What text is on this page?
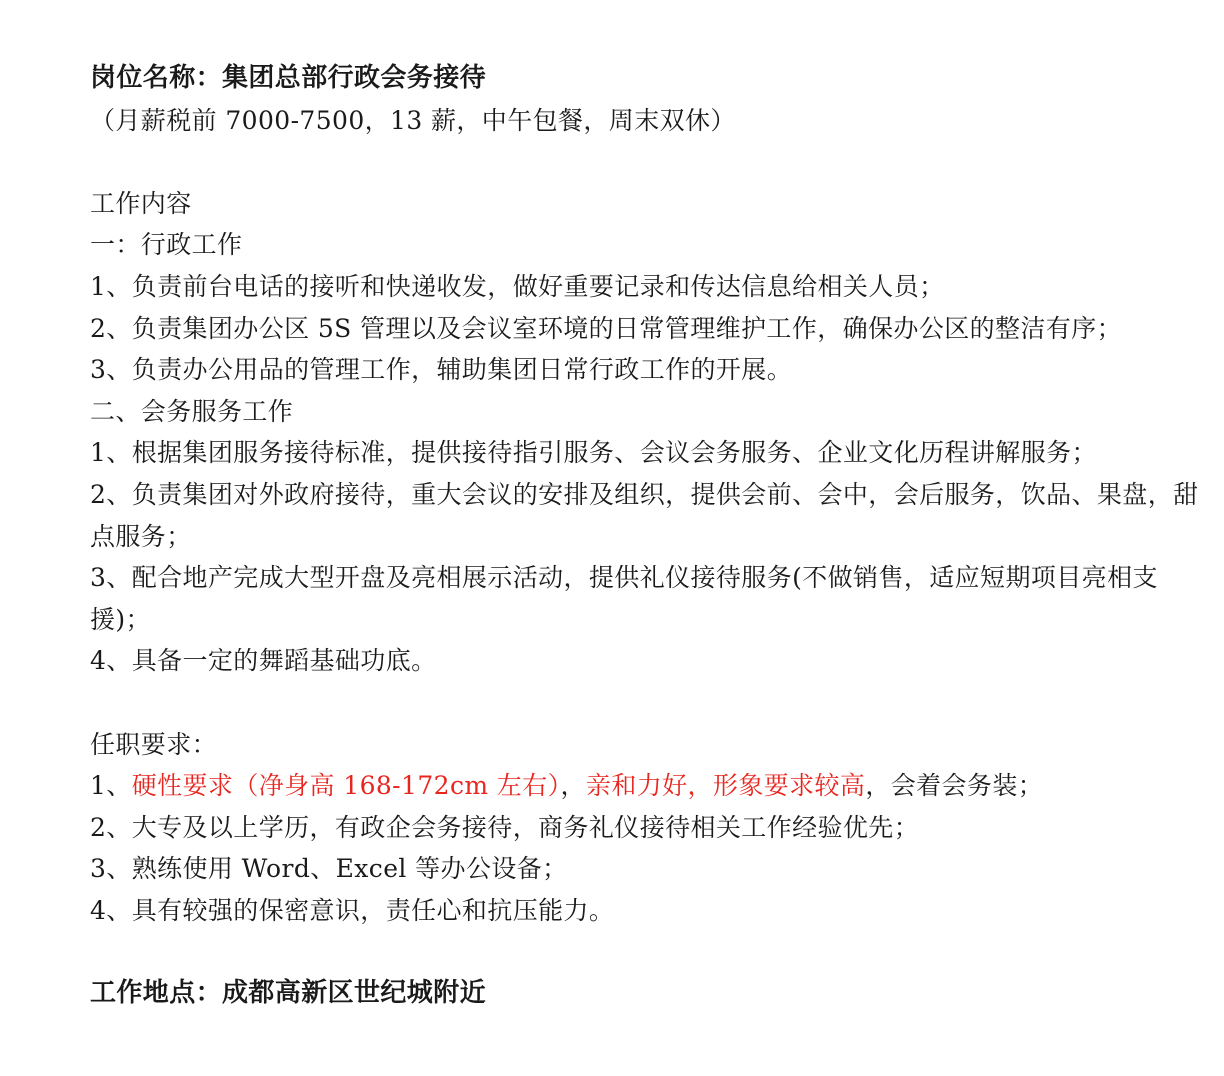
岗位名称：集团总部行政会务接待

（月薪税前 7000-7500，13 薪，中午包餐，周末双休）

工作内容

一：行政工作

1、负责前台电话的接听和快递收发，做好重要记录和传达信息给相关人员；

2、负责集团办公区 5S 管理以及会议室环境的日常管理维护工作，确保办公区的整洁有序；

3、负责办公用品的管理工作，辅助集团日常行政工作的开展。

二、会务服务工作

1、根据集团服务接待标准，提供接待指引服务、会议会务服务、企业文化历程讲解服务；

2、负责集团对外政府接待，重大会议的安排及组织，提供会前、会中，会后服务，饮品、果盘，甜点服务；

3、配合地产完成大型开盘及亮相展示活动，提供礼仪接待服务(不做销售，适应短期项目亮相支援)；

4、具备一定的舞蹈基础功底。

任职要求：

1、硬性要求（净身高 168-172cm 左右），亲和力好，形象要求较高，会着会务装；

2、大专及以上学历，有政企会务接待，商务礼仪接待相关工作经验优先；

3、熟练使用 Word、Excel 等办公设备；

4、具有较强的保密意识，责任心和抗压能力。

工作地点：成都高新区世纪城附近
